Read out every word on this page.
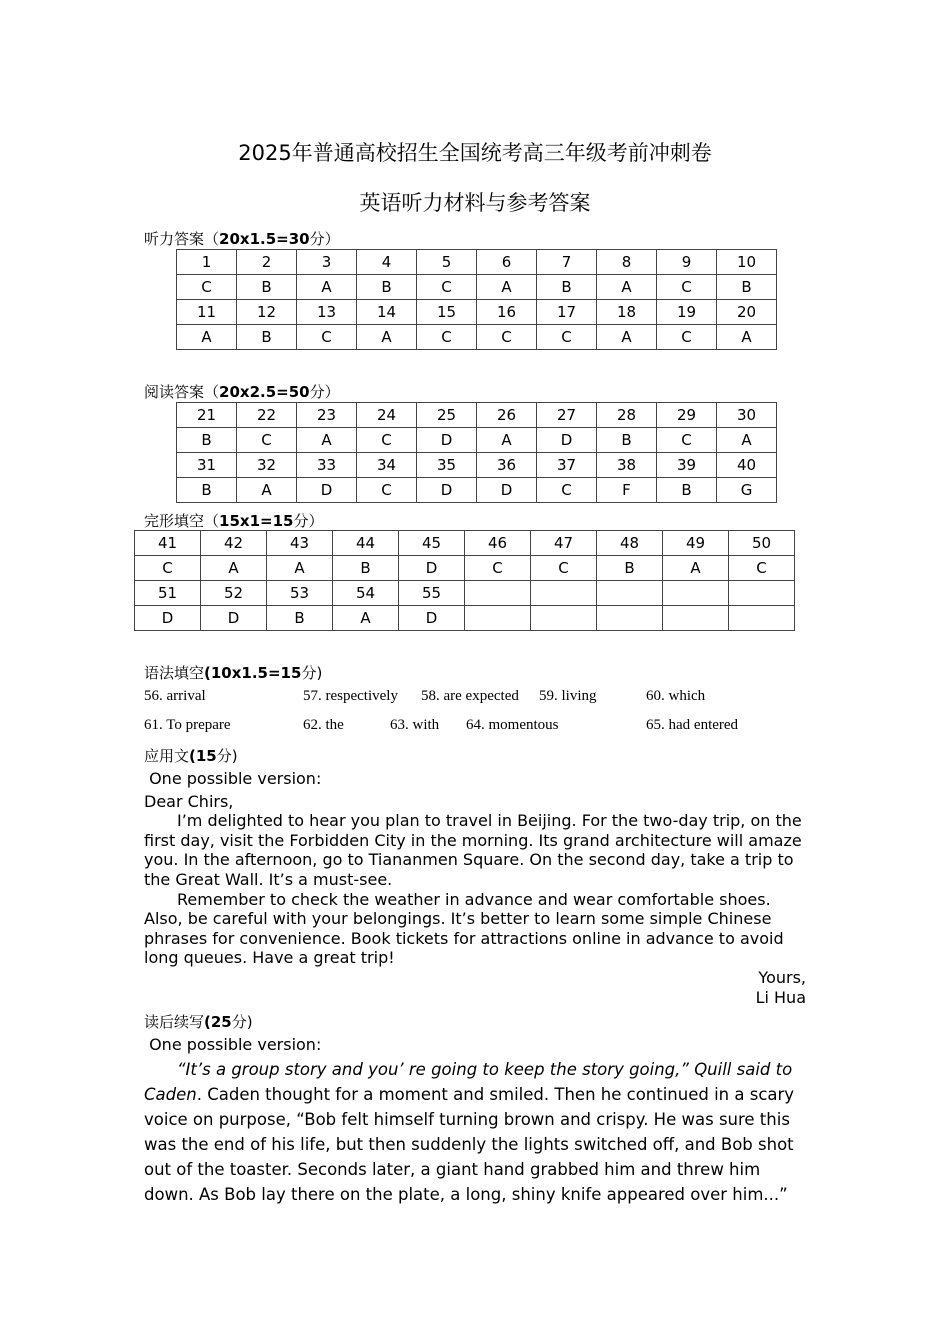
2025年普通高校招生全国统考高三年级考前冲刺卷
英语听力材料与参考答案
听力答案（20x1.5=30分）
1	2	3	4	5	6	7	8	9	10
C	B	A	B	C	A	B	A	C	B
11	12	13	14	15	16	17	18	19	20
A	B	C	A	C	C	C	A	C	A
阅读答案（20x2.5=50分）
21	22	23	24	25	26	27	28	29	30
B	C	A	C	D	A	D	B	C	A
31	32	33	34	35	36	37	38	39	40
B	A	D	C	D	D	C	F	B	G
完形填空（15x1=15分）
41	42	43	44	45	46	47	48	49	50
C	A	A	B	D	C	C	B	A	C
51	52	53	54	55					
D	D	B	A	D					
语法填空(10x1.5=15分)
56. arrival	57. respectively 58. are expected 59. living	60. which
61. To prepare	62. the	63. with 64. momentous	65. had entered
应用文(15分)

One possible version:

Dear Chirs,

I’m delighted to hear you plan to travel in Beijing. For the two-day trip, on the first day, visit the Forbidden City in the morning. Its grand architecture will amaze you. In the afternoon, go to Tiananmen Square. On the second day, take a trip to the Great Wall. It’s a must-see.

Remember to check the weather in advance and wear comfortable shoes. Also, be careful with your belongings. It’s better to learn some simple Chinese phrases for convenience. Book tickets for attractions online in advance to avoid long queues. Have a great trip!

Yours,

Li Hua

读后续写(25分)

One possible version:

“It’s a group story and you’ re going to keep the story going,” Quill said to Caden. Caden thought for a moment and smiled. Then he continued in a scary voice on purpose, “Bob felt himself turning brown and crispy. He was sure this was the end of his life, but then suddenly the lights switched off, and Bob shot out of the toaster. Seconds later, a giant hand grabbed him and threw him down. As Bob lay there on the plate, a long, shiny knife appeared over him...”
